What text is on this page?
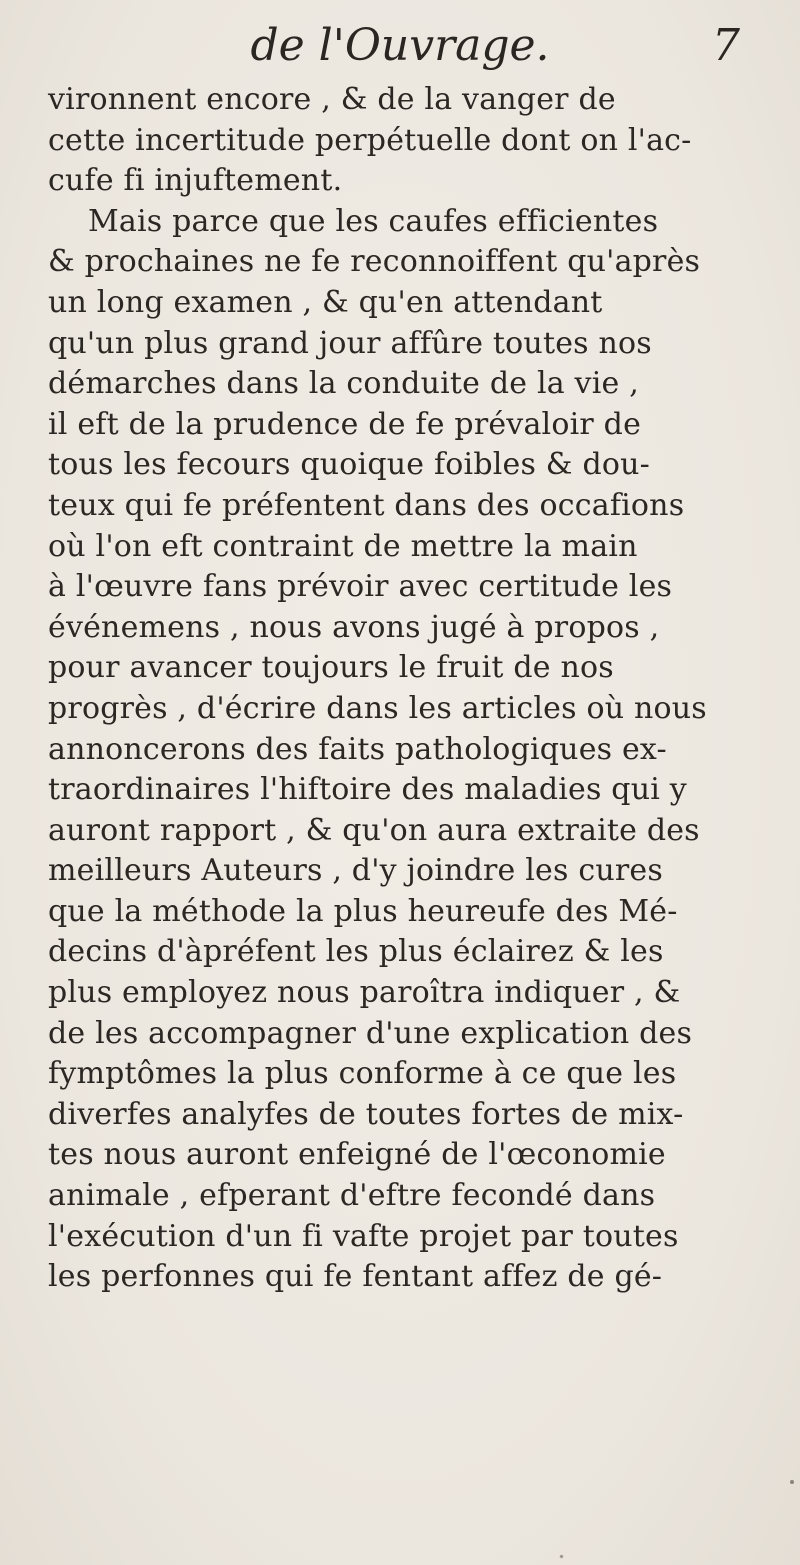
de l'Ouvrage.	7
vironnent encore , & de la vanger de
cette incertitude perpétuelle dont on l'ac-
cufe fi injuftement.
Mais parce que les caufes efficientes
& prochaines ne fe reconnoiffent qu'après
un long examen , & qu'en attendant
qu'un plus grand jour affûre toutes nos
démarches dans la conduite de la vie ,
il eft de la prudence de fe prévaloir de
tous les fecours quoique foibles & dou-
teux qui fe préfentent dans des occafions
où l'on eft contraint de mettre la main
à l'œuvre fans prévoir avec certitude les
événemens , nous avons jugé à propos ,
pour avancer toujours le fruit de nos
progrès , d'écrire dans les articles où nous
annoncerons des faits pathologiques ex-
traordinaires l'hiftoire des maladies qui y
auront rapport , & qu'on aura extraite des
meilleurs Auteurs , d'y joindre les cures
que la méthode la plus heureufe des Mé-
decins d'àpréfent les plus éclairez & les
plus employez nous paroîtra indiquer , &
de les accompagner d'une explication des
fymptômes la plus conforme à ce que les
diverfes analyfes de toutes fortes de mix-
tes nous auront enfeigné de l'œconomie
animale , efperant d'eftre fecondé dans
l'exécution d'un fi vafte projet par toutes
les perfonnes qui fe fentant affez de gé-
